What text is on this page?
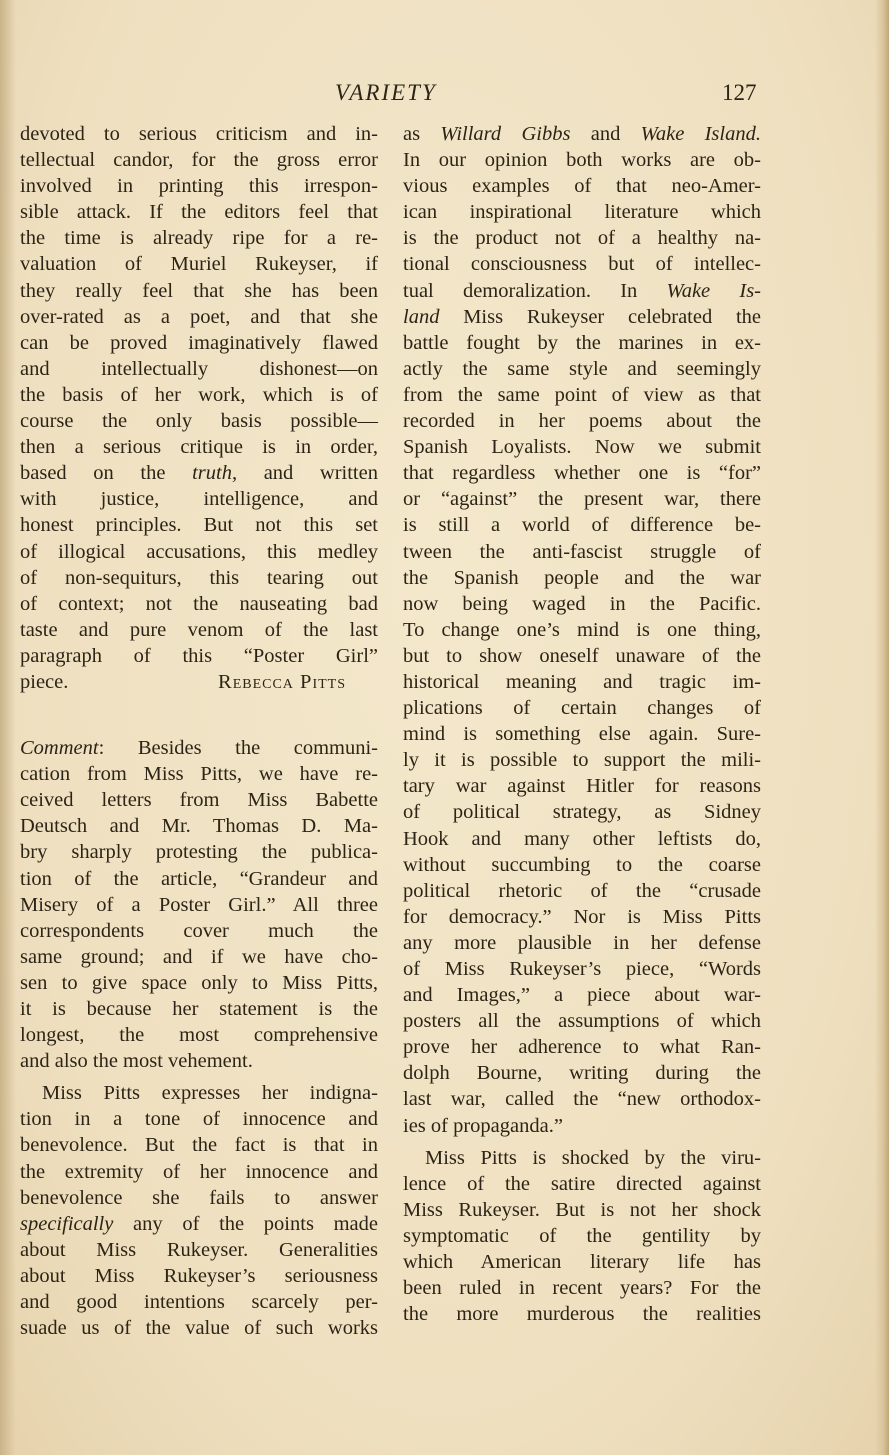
VARIETY	127
devoted to serious criticism and in-
tellectual candor, for the gross error
involved in printing this irrespon-
sible attack. If the editors feel that
the time is already ripe for a re-
valuation of Muriel Rukeyser, if
they really feel that she has been
over-rated as a poet, and that she
can be proved imaginatively flawed
and intellectually dishonest—on
the basis of her work, which is of
course the only basis possible—
then a serious critique is in order,
based on the truth, and written
with justice, intelligence, and
honest principles. But not this set
of illogical accusations, this medley
of non-sequiturs, this tearing out
of context; not the nauseating bad
taste and pure venom of the last
paragraph of this “Poster Girl”
piece.	Rebecca Pitts
Comment: Besides the communi-
cation from Miss Pitts, we have re-
ceived letters from Miss Babette
Deutsch and Mr. Thomas D. Ma-
bry sharply protesting the publica-
tion of the article, “Grandeur and
Misery of a Poster Girl.” All three
correspondents cover much the
same ground; and if we have cho-
sen to give space only to Miss Pitts,
it is because her statement is the
longest, the most comprehensive
and also the most vehement.
Miss Pitts expresses her indigna-
tion in a tone of innocence and
benevolence. But the fact is that in
the extremity of her innocence and
benevolence she fails to answer
specifically any of the points made
about Miss Rukeyser. Generalities
about Miss Rukeyser’s seriousness
and good intentions scarcely per-
suade us of the value of such works
as Willard Gibbs and Wake Island.
In our opinion both works are ob-
vious examples of that neo-Amer-
ican inspirational literature which
is the product not of a healthy na-
tional consciousness but of intellec-
tual demoralization. In Wake Is-
land Miss Rukeyser celebrated the
battle fought by the marines in ex-
actly the same style and seemingly
from the same point of view as that
recorded in her poems about the
Spanish Loyalists. Now we submit
that regardless whether one is “for”
or “against” the present war, there
is still a world of difference be-
tween the anti-fascist struggle of
the Spanish people and the war
now being waged in the Pacific.
To change one’s mind is one thing,
but to show oneself unaware of the
historical meaning and tragic im-
plications of certain changes of
mind is something else again. Sure-
ly it is possible to support the mili-
tary war against Hitler for reasons
of political strategy, as Sidney
Hook and many other leftists do,
without succumbing to the coarse
political rhetoric of the “crusade
for democracy.” Nor is Miss Pitts
any more plausible in her defense
of Miss Rukeyser’s piece, “Words
and Images,” a piece about war-
posters all the assumptions of which
prove her adherence to what Ran-
dolph Bourne, writing during the
last war, called the “new orthodox-
ies of propaganda.”
Miss Pitts is shocked by the viru-
lence of the satire directed against
Miss Rukeyser. But is not her shock
symptomatic of the gentility by
which American literary life has
been ruled in recent years? For the
the more murderous the realities
